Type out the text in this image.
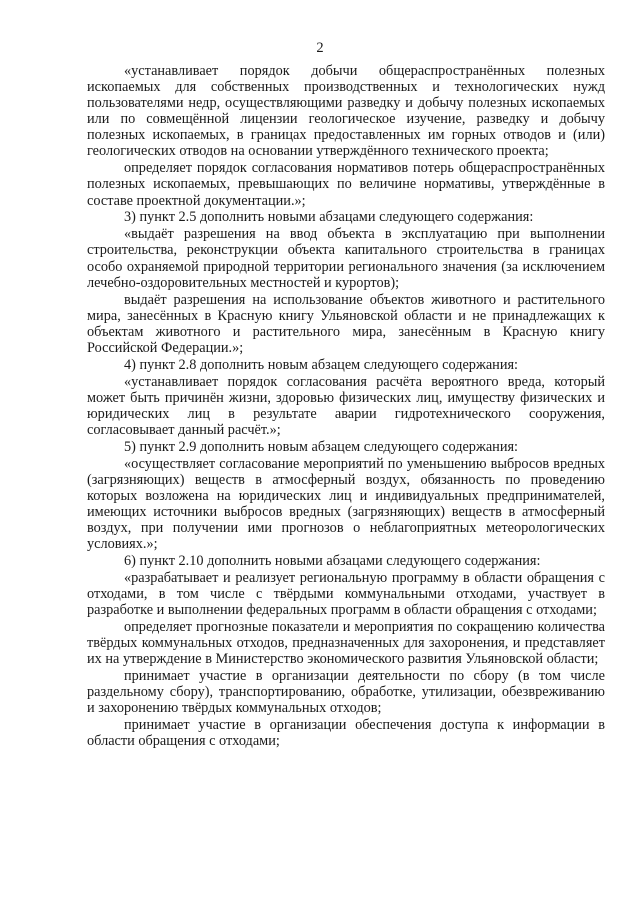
2

«устанавливает порядок добычи общераспространённых полезных ископаемых для собственных производственных и технологических нужд пользователями недр, осуществляющими разведку и добычу полезных ископаемых или по совмещённой лицензии геологическое изучение, разведку и добычу полезных ископаемых, в границах предоставленных им горных отводов и (или) геологических отводов на основании утверждённого технического проекта;

определяет порядок согласования нормативов потерь общераспространённых полезных ископаемых, превышающих по величине нормативы, утверждённые в составе проектной документации.»;

3) пункт 2.5 дополнить новыми абзацами следующего содержания:

«выдаёт разрешения на ввод объекта в эксплуатацию при выполнении строительства, реконструкции объекта капитального строительства в границах особо охраняемой природной территории регионального значения (за исключением лечебно-оздоровительных местностей и курортов);

выдаёт разрешения на использование объектов животного и растительного мира, занесённых в Красную книгу Ульяновской области и не принадлежащих к объектам животного и растительного мира, занесённым в Красную книгу Российской Федерации.»;

4) пункт 2.8 дополнить новым абзацем следующего содержания:

«устанавливает порядок согласования расчёта вероятного вреда, который может быть причинён жизни, здоровью физических лиц, имуществу физических и юридических лиц в результате аварии гидротехнического сооружения, согласовывает данный расчёт.»;

5) пункт 2.9 дополнить новым абзацем следующего содержания:

«осуществляет согласование мероприятий по уменьшению выбросов вредных (загрязняющих) веществ в атмосферный воздух, обязанность по проведению которых возложена на юридических лиц и индивидуальных предпринимателей, имеющих источники выбросов вредных (загрязняющих) веществ в атмосферный воздух, при получении ими прогнозов о неблагоприятных метеорологических условиях.»;

6) пункт 2.10 дополнить новыми абзацами следующего содержания:

«разрабатывает и реализует региональную программу в области обращения с отходами, в том числе с твёрдыми коммунальными отходами, участвует в разработке и выполнении федеральных программ в области обращения с отходами;

определяет прогнозные показатели и мероприятия по сокращению количества твёрдых коммунальных отходов, предназначенных для захоронения, и представляет их на утверждение в Министерство экономического развития Ульяновской области;

принимает участие в организации деятельности по сбору (в том числе раздельному сбору), транспортированию, обработке, утилизации, обезвреживанию и захоронению твёрдых коммунальных отходов;

принимает участие в организации обеспечения доступа к информации в области обращения с отходами;
